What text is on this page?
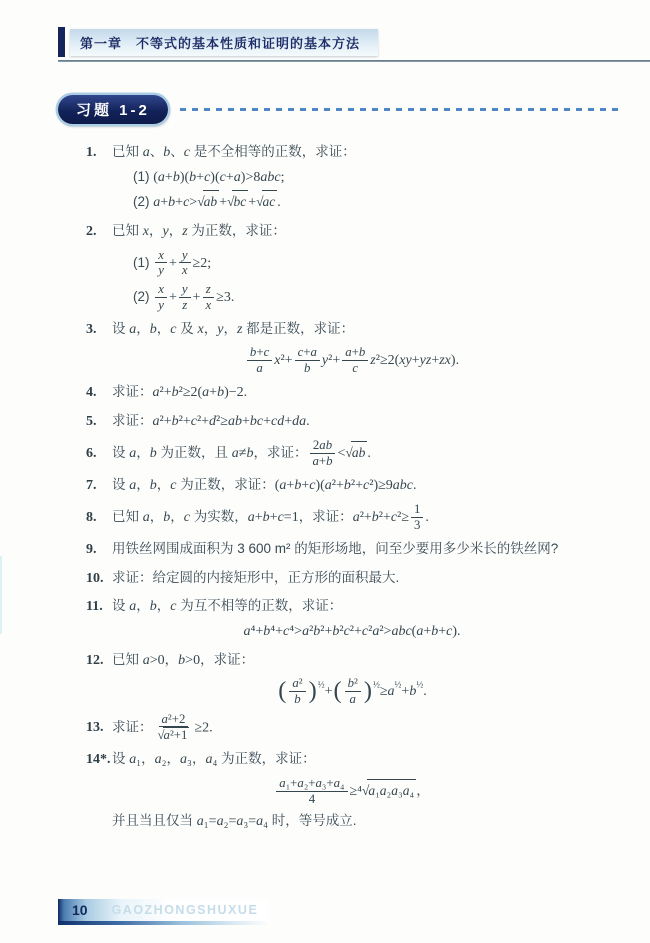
第一章　不等式的基本性质和证明的基本方法
习题 1-2
1. 已知 a、b、c 是不全相等的正数，求证：
(1) (a+b)(b+c)(c+a)>8abc;
(2) a+b+c>√ab +√bc +√ac .
2. 已知 x，y，z 为正数，求证：
$(1) \frac{x}{y} + \frac{y}{x} \ge 2$;
$(2) \frac{x}{y} + \frac{y}{z} + \frac{z}{x} \ge 3$.
3. 设 a，b，c 及 x，y，z 都是正数，求证：
$\frac{b+c}{a} x^2+ \frac{c+a}{b} y^2+ \frac{a+b}{c} z^2\ge 2(xy+yz+zx)$.
4. 求证：a²+b²≥2(a+b)−2.
5. 求证：a²+b²+c²+d²≥ab+bc+cd+da.
6. 设 a，b 为正数，且 a≠b，求证： $\frac{2ab}{a+b} <√ab$ .
7. 设 a，b，c 为正数，求证：(a+b+c)(a²+b²+c²)≥9abc.
8. 已知 a，b，c 为实数，a+b+c=1，求证：$a^2+b^2+c^2\ge \frac{1}{3}$ .
9. 用铁丝网围成面积为 3 600 m² 的矩形场地，问至少要用多少米长的铁丝网?
10. 求证：给定圆的内接矩形中，正方形的面积最大.
11. 设 a，b，c 为互不相等的正数，求证：
a⁴+b⁴+c⁴>a²b²+b²c²+c²a²>abc(a+b+c).
12. 已知 a>0，b>0，求证：
( $\frac{\text{a²}}{b} )^{\frac{1}{2}}+( \frac{\text{b²}}{a} )^{\frac{1}{2}}\ge a^{\frac{1}{2}}+b^{\frac{1}{2}}$.
13. 求证： $\frac{\text{a²+2}}{\text{√a²+1}} \ge 2$.
14*. 设 a₁，a₂，a₃，a₄ 为正数，求证：
$\frac{\text{a₁+a₂+a₃+a₄}}{4} \ge^4√a_1a_2a_3a_4$ ，
并且当且仅当 a₁=a₂=a₃=a₄ 时，等号成立.
10 GAOZHONGSHUXUE
